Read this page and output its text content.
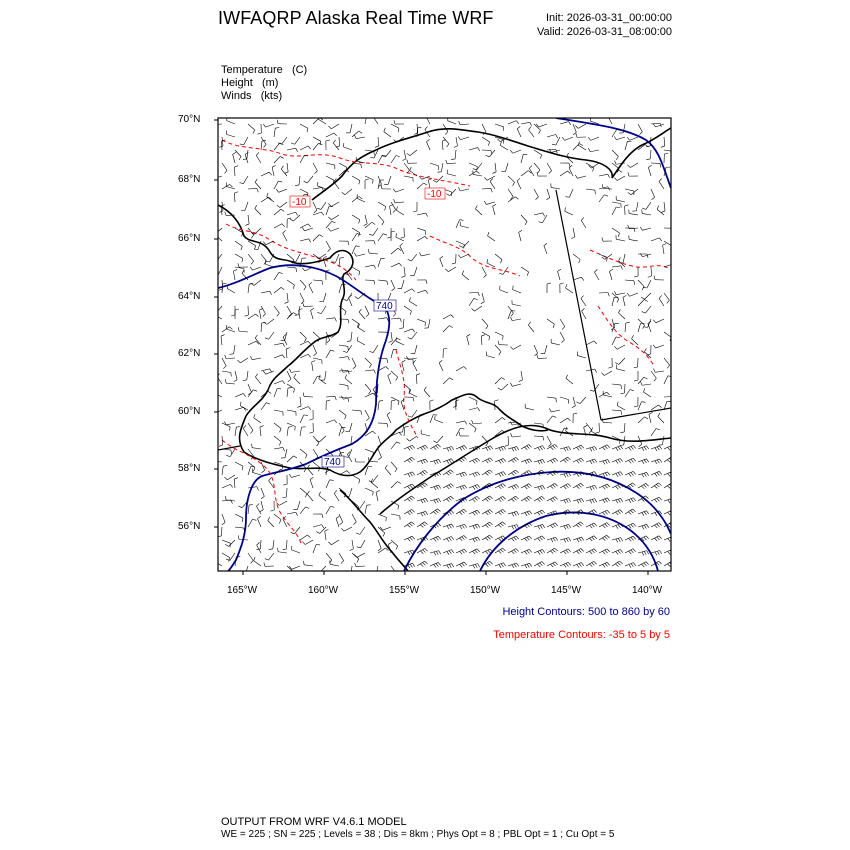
IWFAQRP Alaska Real Time WRF	Init: 2026-03-31_00:00:00
Valid: 2026-03-31_08:00:00
Temperature (C)
Height (m)
Winds (kts)
740
740
-10
-10
70°N
68°N
66°N
64°N
62°N
60°N
58°N
56°N
165°W	160°W	155°W	150°W	145°W	140°W
Height Contours: 500 to 860 by 60
Temperature Contours: -35 to 5 by 5
OUTPUT FROM WRF V4.6.1 MODEL
WE = 225 ; SN = 225 ; Levels = 38 ; Dis = 8km ; Phys Opt = 8 ; PBL Opt = 1 ; Cu Opt = 5
